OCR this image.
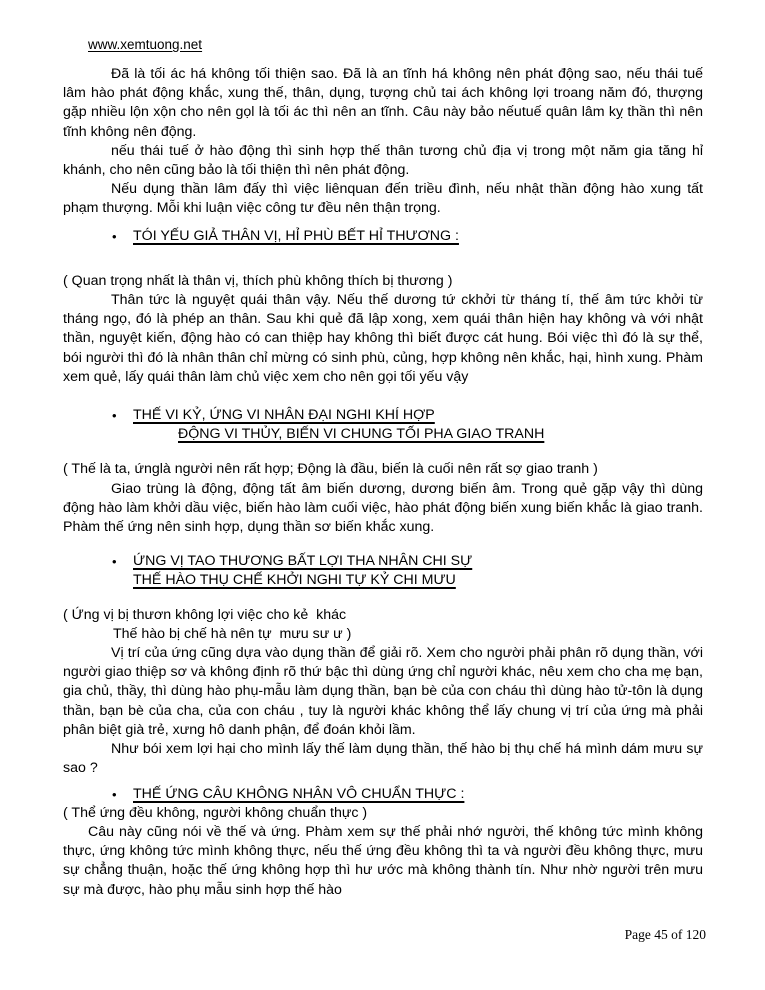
www.xemtuong.net

Đã là tối ác há không tối thiện sao. Đã là an tĩnh há không nên phát động sao, nếu thái tuế lâm hào phát động khắc, xung thế, thân, dụng, tượng chủ tai ách không lợi troang năm đó, thượng gặp nhiều lộn xộn cho nên gọl là tối ác thì nên an tĩnh. Câu này bảo nếutuế quân lâm kỵ thần thì nên tĩnh không nên động.

nếu thái tuế ở hào động thì sinh hợp thế thân tương chủ địa vị trong một năm gia tăng hỉ khánh, cho nên cũng bảo là tối thiện thì nên phát động.

Nếu dụng thần lâm đấy thì việc liênquan đến triều đình, nếu nhật thần động hào xung tất phạm thượng. Mỗi khi luận việc công tư đều nên thận trọng.

•	TÓI YẾU GIẢ THÂN VỊ, HỈ PHÙ BẾT HỈ THƯƠNG :

( Quan trọng nhất là thân vị, thích phù không thích bị thương )

Thân tức là nguyệt quái thân vậy. Nếu thế dương tứ ckhởi từ tháng tí, thế âm tức khởi từ tháng ngọ, đó là phép an thân. Sau khi quẻ đã lập xong, xem quái thân hiện hay không và với nhật thần, nguyệt kiến, động hào có can thiệp hay không thì biết được cát hung. Bói việc thì đó là sự thể, bói người thì đó là nhân thân chỉ mừng có sinh phù, củng, hợp không nên khắc, hại, hình xung. Phàm xem quẻ, lấy quái thân làm chủ việc xem cho nên gọi tối yếu vậy

•	THẾ VI KỶ, ỨNG VI NHÂN ĐẠI NGHI KHÍ HỢP
ĐỘNG VI THỦY, BIẾN VI CHUNG TỐI PHA GIAO TRANH

( Thế là ta, ứnglà người nên rất hợp; Động là đầu, biến là cuối nên rất sợ giao tranh )

Giao trùng là động, động tất âm biến dương, dương biến âm. Trong quẻ gặp vậy thì dùng động hào làm khởi dầu việc, biến hào làm cuối việc, hào phát động biến xung biến khắc là giao tranh. Phàm thế ứng nên sinh hợp, dụng thần sơ biến khắc xung.

•	ỨNG VỊ TAO THƯƠNG BẤT LỢI THA NHÂN CHI SỰ
THẾ HÀO THỤ CHẾ KHỞI NGHI TỰ KỶ CHI MƯU

( Ứng vị bị thươn không lợi việc cho kẻ  khác

Thế hào bị chế hà nên tự  mưu sư ư )

Vị trí của ứng cũng dựa vào dụng thần để giải rõ. Xem cho người phải phân rõ dụng thần, với người giao thiệp sơ và không định rõ thứ bậc thì dùng ứng chỉ người khác, nêu xem cho cha mẹ bạn, gia chủ, thầy, thì dùng hào phụ-mẫu làm dụng thần, bạn bè của con cháu thì dùng hào tử-tôn là dụng thần, bạn bè của cha, của con cháu , tuy là người khác không thể lấy chung vị trí của ứng mà phải phân biệt già trẻ, xưng hô danh phận, để đoán khỏi lầm.

Như bói xem lợi hại cho mình lấy thế làm dụng thần, thế hào bị thụ chế há mình dám mưu sự sao ?

•	THẾ ỨNG CÂU KHÔNG NHÂN VÔ CHUẨN THỰC :

( Thể ứng đều không, người không chuẩn thực )

Câu này cũng nói về thế và ứng. Phàm xem sự thế phải nhớ người, thế không tức mình không thực, ứng không tức mình không thực, nếu thế ứng đều không thì ta và người đều không thực, mưu sự chẳng thuận, hoặc thế ứng không hợp thì hư ước mà không thành tín. Như nhờ người trên mưu sự mà được, hào phụ mẫu sinh hợp thế hào

Page 45 of 120
